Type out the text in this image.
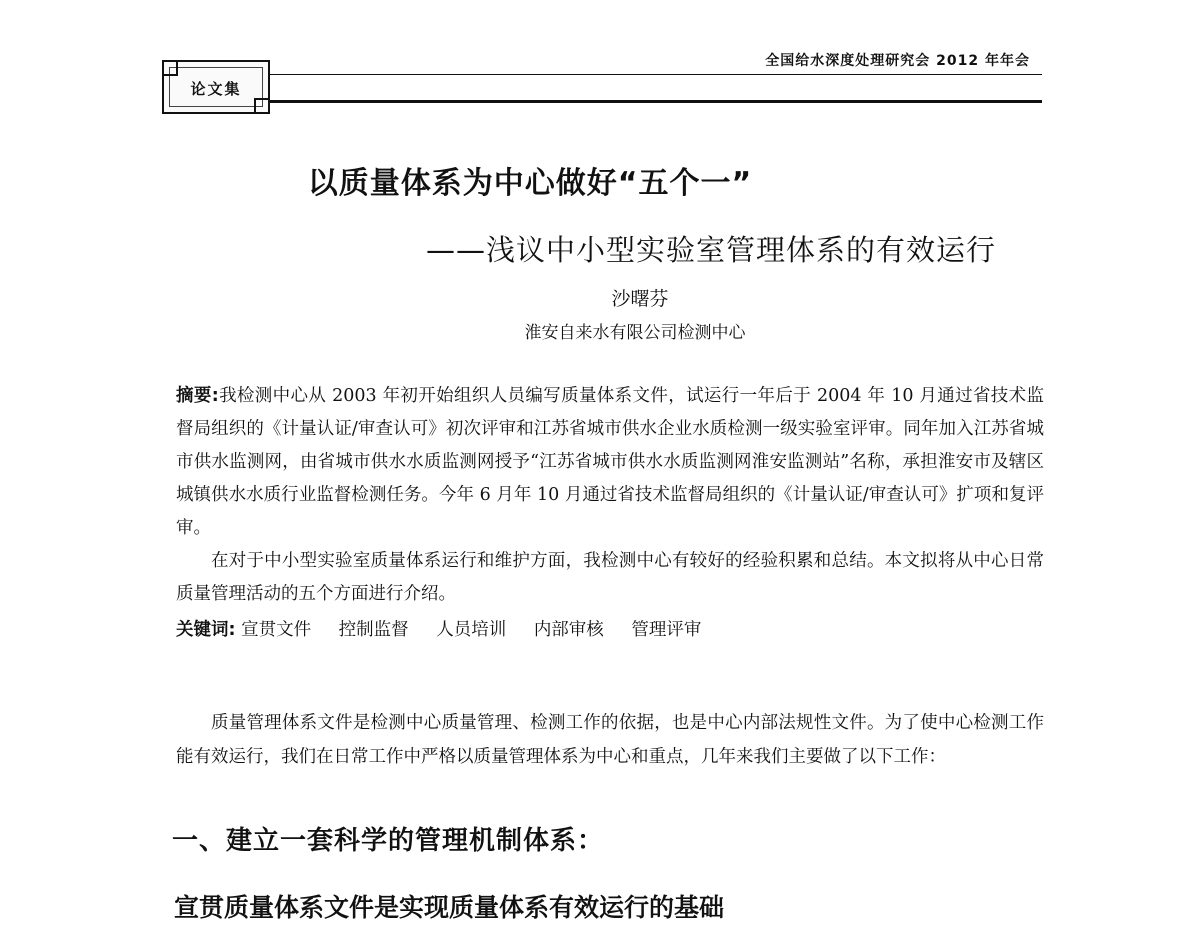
全国给水深度处理研究会 2012 年年会
论文集
以质量体系为中心做好“五个一”
——浅议中小型实验室管理体系的有效运行
沙曙芬
淮安自来水有限公司检测中心

摘要:我检测中心从 2003 年初开始组织人员编写质量体系文件，试运行一年后于 2004 年 10 月通过省技术监督局组织的《计量认证/审查认可》初次评审和江苏省城市供水企业水质检测一级实验室评审。同年加入江苏省城市供水监测网，由省城市供水水质监测网授予“江苏省城市供水水质监测网淮安监测站”名称，承担淮安市及辖区城镇供水水质行业监督检测任务。今年 6 月年 10 月通过省技术监督局组织的《计量认证/审查认可》扩项和复评审。

在对于中小型实验室质量体系运行和维护方面，我检测中心有较好的经验积累和总结。本文拟将从中心日常质量管理活动的五个方面进行介绍。

关键词: 宣贯文件 控制监督 人员培训 内部审核 管理评审

质量管理体系文件是检测中心质量管理、检测工作的依据，也是中心内部法规性文件。为了使中心检测工作能有效运行，我们在日常工作中严格以质量管理体系为中心和重点，几年来我们主要做了以下工作：

一、建立一套科学的管理机制体系：
宣贯质量体系文件是实现质量体系有效运行的基础
